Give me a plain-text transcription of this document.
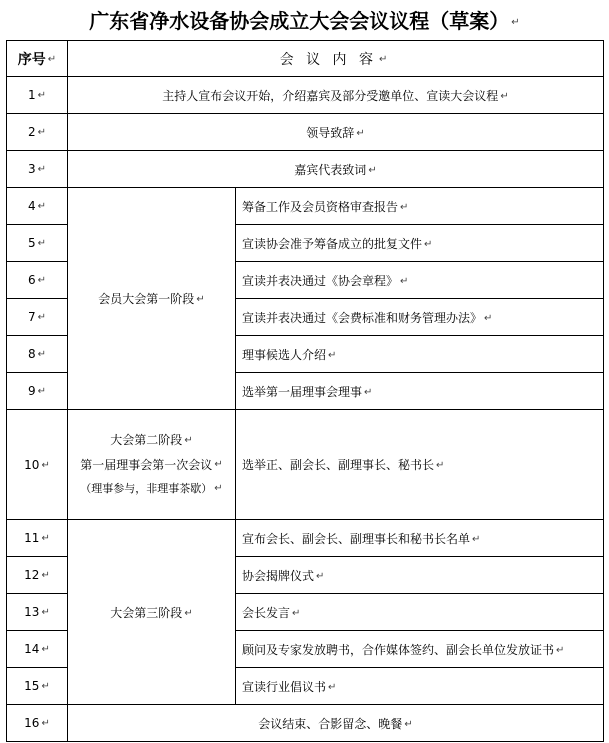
广东省净水设备协会成立大会会议议程（草案） ↵
序号 ↵	会 议 内 容 ↵	
1 ↵	主持人宣布会议开始，介绍嘉宾及部分受邀单位、宣读大会议程 ↵	
2 ↵	领导致辞 ↵	
3 ↵	嘉宾代表致词 ↵	
4 ↵	会员大会第一阶段 ↵	筹备工作及会员资格审查报告 ↵
5 ↵		宣读协会准予筹备成立的批复文件 ↵
6 ↵		宣读并表决通过《协会章程》 ↵
7 ↵		宣读并表决通过《会费标准和财务管理办法》 ↵
8 ↵		理事候选人介绍 ↵
9 ↵		选举第一届理事会理事 ↵
10 ↵	大会第二阶段 ↵
第一届理事会第一次会议 ↵
（理事参与，非理事茶歇） ↵	选举正、副会长、副理事长、秘书长 ↵
11 ↵	大会第三阶段 ↵	宣布会长、副会长、副理事长和秘书长名单 ↵
12 ↵		协会揭牌仪式 ↵
13 ↵		会长发言 ↵
14 ↵		顾问及专家发放聘书，合作媒体签约、副会长单位发放证书 ↵
15 ↵		宣读行业倡议书 ↵
16 ↵	会议结束、合影留念、晚餐 ↵	
